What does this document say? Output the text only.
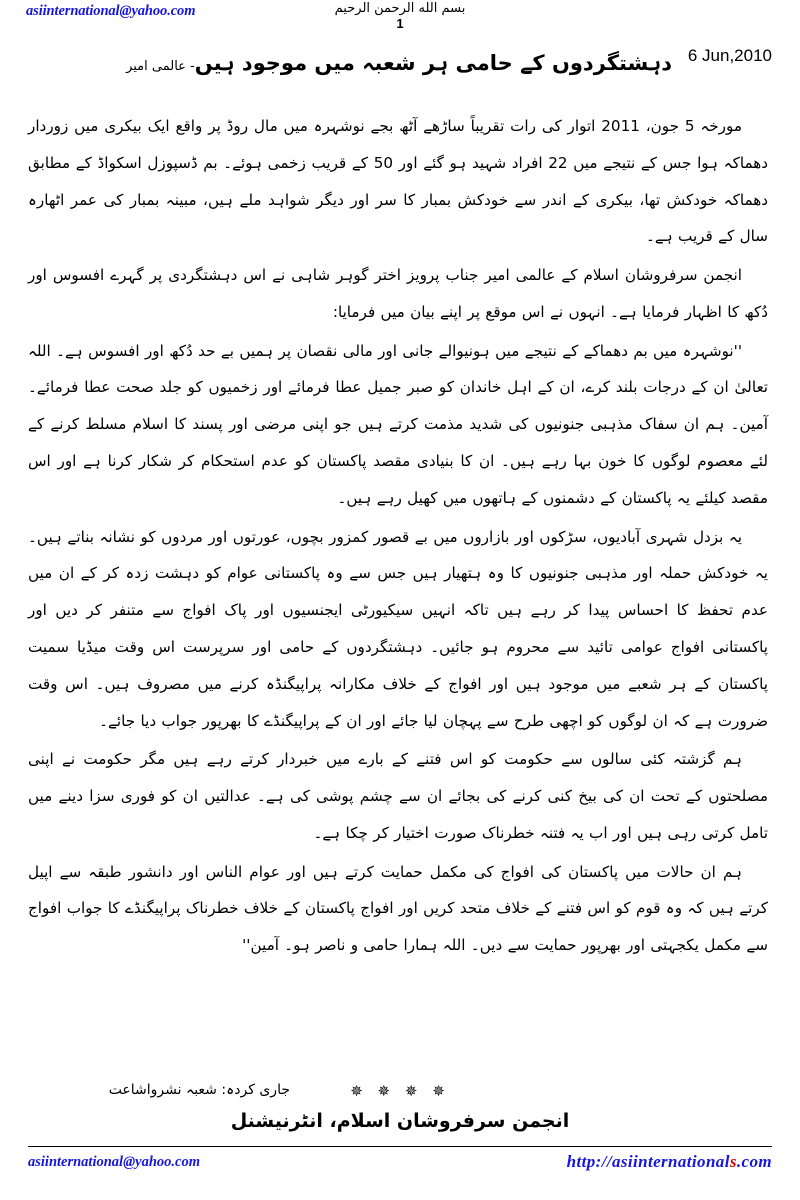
asiinternational@yahoo.com	بسم الله الرحمن الرحيم
1
6 Jun,2010
دہشتگردوں کے حامی ہر شعبہ میں موجود ہیں- عالمی امیر

مورخہ 5 جون، 2011 اتوار کی رات تقریباً ساڑھے آٹھ بجے نوشہرہ میں مال روڈ پر واقع ایک بیکری میں زوردار دھماکہ ہوا جس کے نتیجے میں 22 افراد شہید ہو گئے اور 50 کے قریب زخمی ہوئے۔ بم ڈسپوزل اسکواڈ کے مطابق دھماکہ خودکش تھا، بیکری کے اندر سے خودکش بمبار کا سر اور دیگر شواہد ملے ہیں، مبینہ بمبار کی عمر اٹھارہ سال کے قریب ہے۔

انجمن سرفروشان اسلام کے عالمی امیر جناب پرویز اختر گوہر شاہی نے اس دہشتگردی پر گہرے افسوس اور دُکھ کا اظہار فرمایا ہے۔ انہوں نے اس موقع پر اپنے بیان میں فرمایا:

''نوشہرہ میں بم دھماکے کے نتیجے میں ہونیوالے جانی اور مالی نقصان پر ہمیں بے حد دُکھ اور افسوس ہے۔ اللہ تعالیٰ ان کے درجات بلند کرے، ان کے اہل خاندان کو صبر جمیل عطا فرمائے اور زخمیوں کو جلد صحت عطا فرمائے۔ آمین۔ ہم ان سفاک مذہبی جنونیوں کی شدید مذمت کرتے ہیں جو اپنی مرضی اور پسند کا اسلام مسلط کرنے کے لئے معصوم لوگوں کا خون بہا رہے ہیں۔ ان کا بنیادی مقصد پاکستان کو عدم استحکام کر شکار کرنا ہے اور اس مقصد کیلئے یہ پاکستان کے دشمنوں کے ہاتھوں میں کھیل رہے ہیں۔

یہ بزدل شہری آبادیوں، سڑکوں اور بازاروں میں بے قصور کمزور بچوں، عورتوں اور مردوں کو نشانہ بناتے ہیں۔ یہ خودکش حملہ اور مذہبی جنونیوں کا وہ ہتھیار ہیں جس سے وہ پاکستانی عوام کو دہشت زدہ کر کے ان میں عدم تحفظ کا احساس پیدا کر رہے ہیں تاکہ انہیں سیکیورٹی ایجنسیوں اور پاک افواج سے متنفر کر دیں اور پاکستانی افواج عوامی تائید سے محروم ہو جائیں۔ دہشتگردوں کے حامی اور سرپرست اس وقت میڈیا سمیت پاکستان کے ہر شعبے میں موجود ہیں اور افواج کے خلاف مکارانہ پراپیگنڈہ کرنے میں مصروف ہیں۔ اس وقت ضرورت ہے کہ ان لوگوں کو اچھی طرح سے پہچان لیا جائے اور ان کے پراپیگنڈے کا بھرپور جواب دیا جائے۔

ہم گزشتہ کئی سالوں سے حکومت کو اس فتنے کے بارے میں خبردار کرتے رہے ہیں مگر حکومت نے اپنی مصلحتوں کے تحت ان کی بیخ کنی کرنے کی بجائے ان سے چشم پوشی کی ہے۔ عدالتیں ان کو فوری سزا دینے میں تامل کرتی رہی ہیں اور اب یہ فتنہ خطرناک صورت اختیار کر چکا ہے۔

ہم ان حالات میں پاکستان کی افواج کی مکمل حمایت کرتے ہیں اور عوام الناس اور دانشور طبقہ سے اپیل کرتے ہیں کہ وہ قوم کو اس فتنے کے خلاف متحد کریں اور افواج پاکستان کے خلاف خطرناک پراپیگنڈے کا جواب افواج سے مکمل یکجہتی اور بھرپور حمایت سے دیں۔ اللہ ہمارا حامی و ناصر ہو۔ آمین''

جاری کردہ: شعبہ نشرواشاعت	✵ ✵ ✵ ✵
انجمن سرفروشان اسلام، انٹرنیشنل
asiinternational@yahoo.com	http://asiinternationals.com
